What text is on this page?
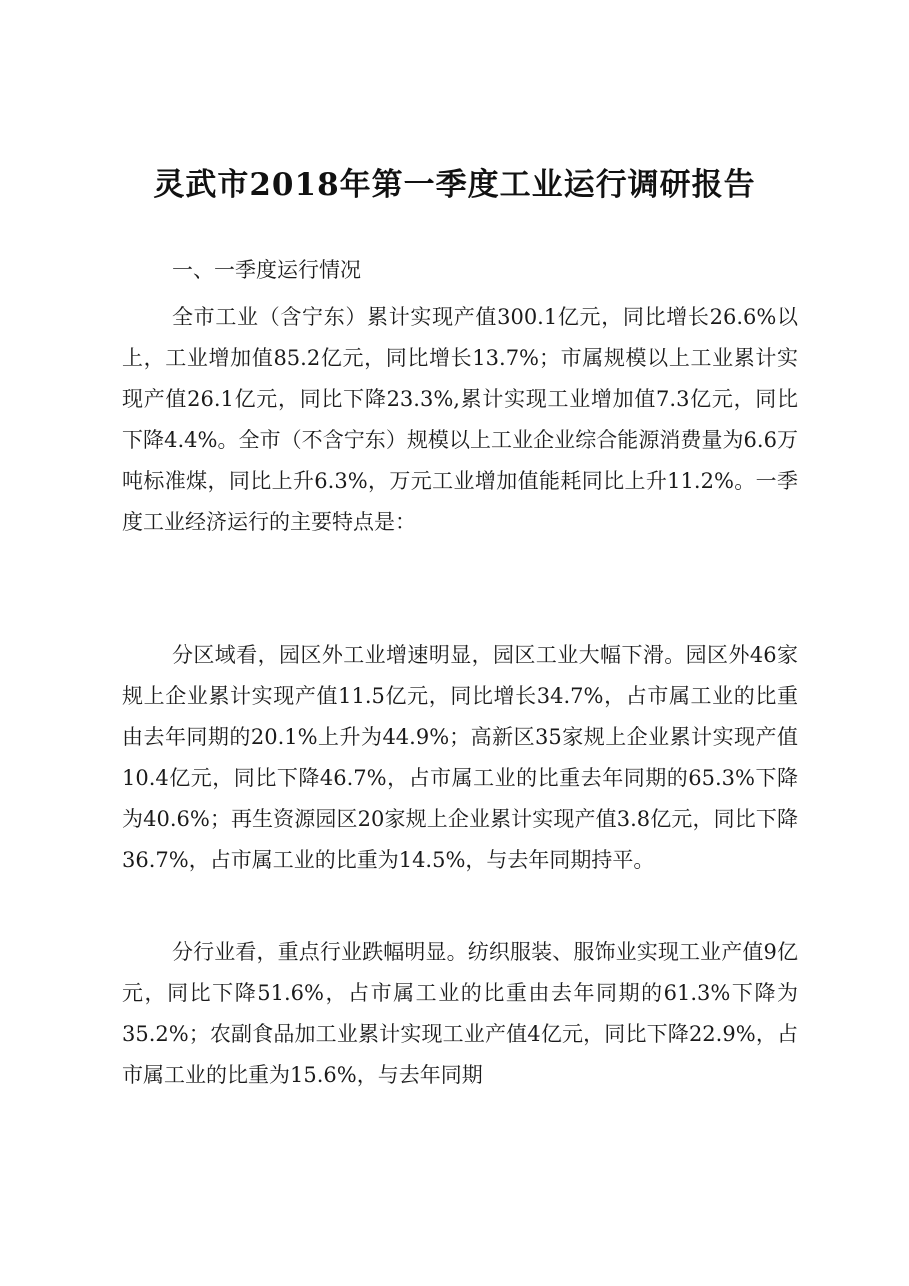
灵武市2018年第一季度工业运行调研报告
一、一季度运行情况

全市工业（含宁东）累计实现产值300.1亿元，同比增长26.6%以上，工业增加值85.2亿元，同比增长13.7%；市属规模以上工业累计实现产值26.1亿元，同比下降23.3%,累计实现工业增加值7.3亿元，同比下降4.4%。全市（不含宁东）规模以上工业企业综合能源消费量为6.6万吨标准煤，同比上升6.3%，万元工业增加值能耗同比上升11.2%。一季度工业经济运行的主要特点是：

分区域看，园区外工业增速明显，园区工业大幅下滑。园区外46家规上企业累计实现产值11.5亿元，同比增长34.7%，占市属工业的比重由去年同期的20.1%上升为44.9%；高新区35家规上企业累计实现产值10.4亿元，同比下降46.7%，占市属工业的比重去年同期的65.3%下降为40.6%；再生资源园区20家规上企业累计实现产值3.8亿元，同比下降36.7%，占市属工业的比重为14.5%，与去年同期持平。

分行业看，重点行业跌幅明显。纺织服装、服饰业实现工业产值9亿元，同比下降51.6%，占市属工业的比重由去年同期的61.3%下降为35.2%；农副食品加工业累计实现工业产值4亿元，同比下降22.9%，占市属工业的比重为15.6%，与去年同期
